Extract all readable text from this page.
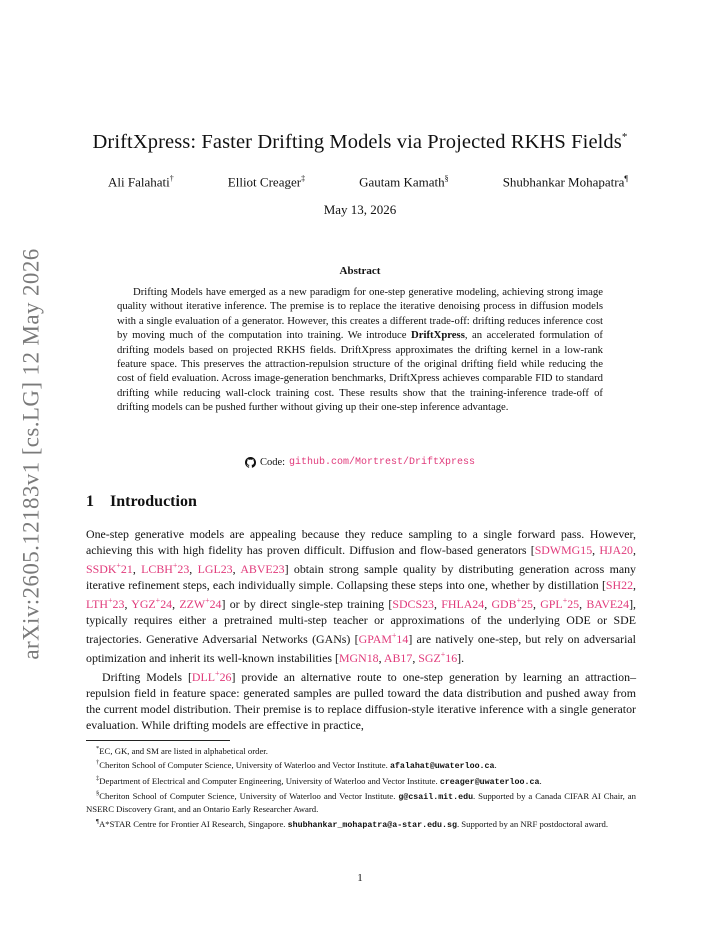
arXiv:2605.12183v1 [cs.LG] 12 May 2026
DriftXpress: Faster Drifting Models via Projected RKHS Fields*
Ali Falahati†	Elliot Creager‡	Gautam Kamath§	Shubhankar Mohapatra¶
May 13, 2026
Abstract
Drifting Models have emerged as a new paradigm for one-step generative modeling, achieving strong image quality without iterative inference. The premise is to replace the iterative denoising process in diffusion models with a single evaluation of a generator. However, this creates a different trade-off: drifting reduces inference cost by moving much of the computation into training. We introduce DriftXpress, an accelerated formulation of drifting models based on projected RKHS fields. DriftXpress approximates the drifting kernel in a low-rank feature space. This preserves the attraction-repulsion structure of the original drifting field while reducing the cost of field evaluation. Across image-generation benchmarks, DriftXpress achieves comparable FID to standard drifting while reducing wall-clock training cost. These results show that the training-inference trade-off of drifting models can be pushed further without giving up their one-step inference advantage.
Code: github.com/Mortrest/DriftXpress
1 Introduction

One-step generative models are appealing because they reduce sampling to a single forward pass. However, achieving this with high fidelity has proven difficult. Diffusion and flow-based generators [SDWMG15, HJA20, SSDK+21, LCBH+23, LGL23, ABVE23] obtain strong sample quality by distributing generation across many iterative refinement steps, each individually simple. Collapsing these steps into one, whether by distillation [SH22, LTH+23, YGZ+24, ZZW+24] or by direct single-step training [SDCS23, FHLA24, GDB+25, GPL+25, BAVE24], typically requires either a pretrained multi-step teacher or approximations of the underlying ODE or SDE trajectories. Generative Adversarial Networks (GANs) [GPAM+14] are natively one-step, but rely on adversarial optimization and inherit its well-known instabilities [MGN18, AB17, SGZ+16].

Drifting Models [DLL+26] provide an alternative route to one-step generation by learning an attraction–repulsion field in feature space: generated samples are pulled toward the data distribution and pushed away from the current model distribution. Their premise is to replace diffusion-style iterative inference with a single generator evaluation. While drifting models are effective in practice,

*EC, GK, and SM are listed in alphabetical order.

†Cheriton School of Computer Science, University of Waterloo and Vector Institute. afalahat@uwaterloo.ca.

‡Department of Electrical and Computer Engineering, University of Waterloo and Vector Institute. creager@uwaterloo.ca.

§Cheriton School of Computer Science, University of Waterloo and Vector Institute. g@csail.mit.edu. Supported by a Canada CIFAR AI Chair, an NSERC Discovery Grant, and an Ontario Early Researcher Award.

¶A*STAR Centre for Frontier AI Research, Singapore. shubhankar_mohapatra@a-star.edu.sg. Supported by an NRF postdoctoral award.

1
